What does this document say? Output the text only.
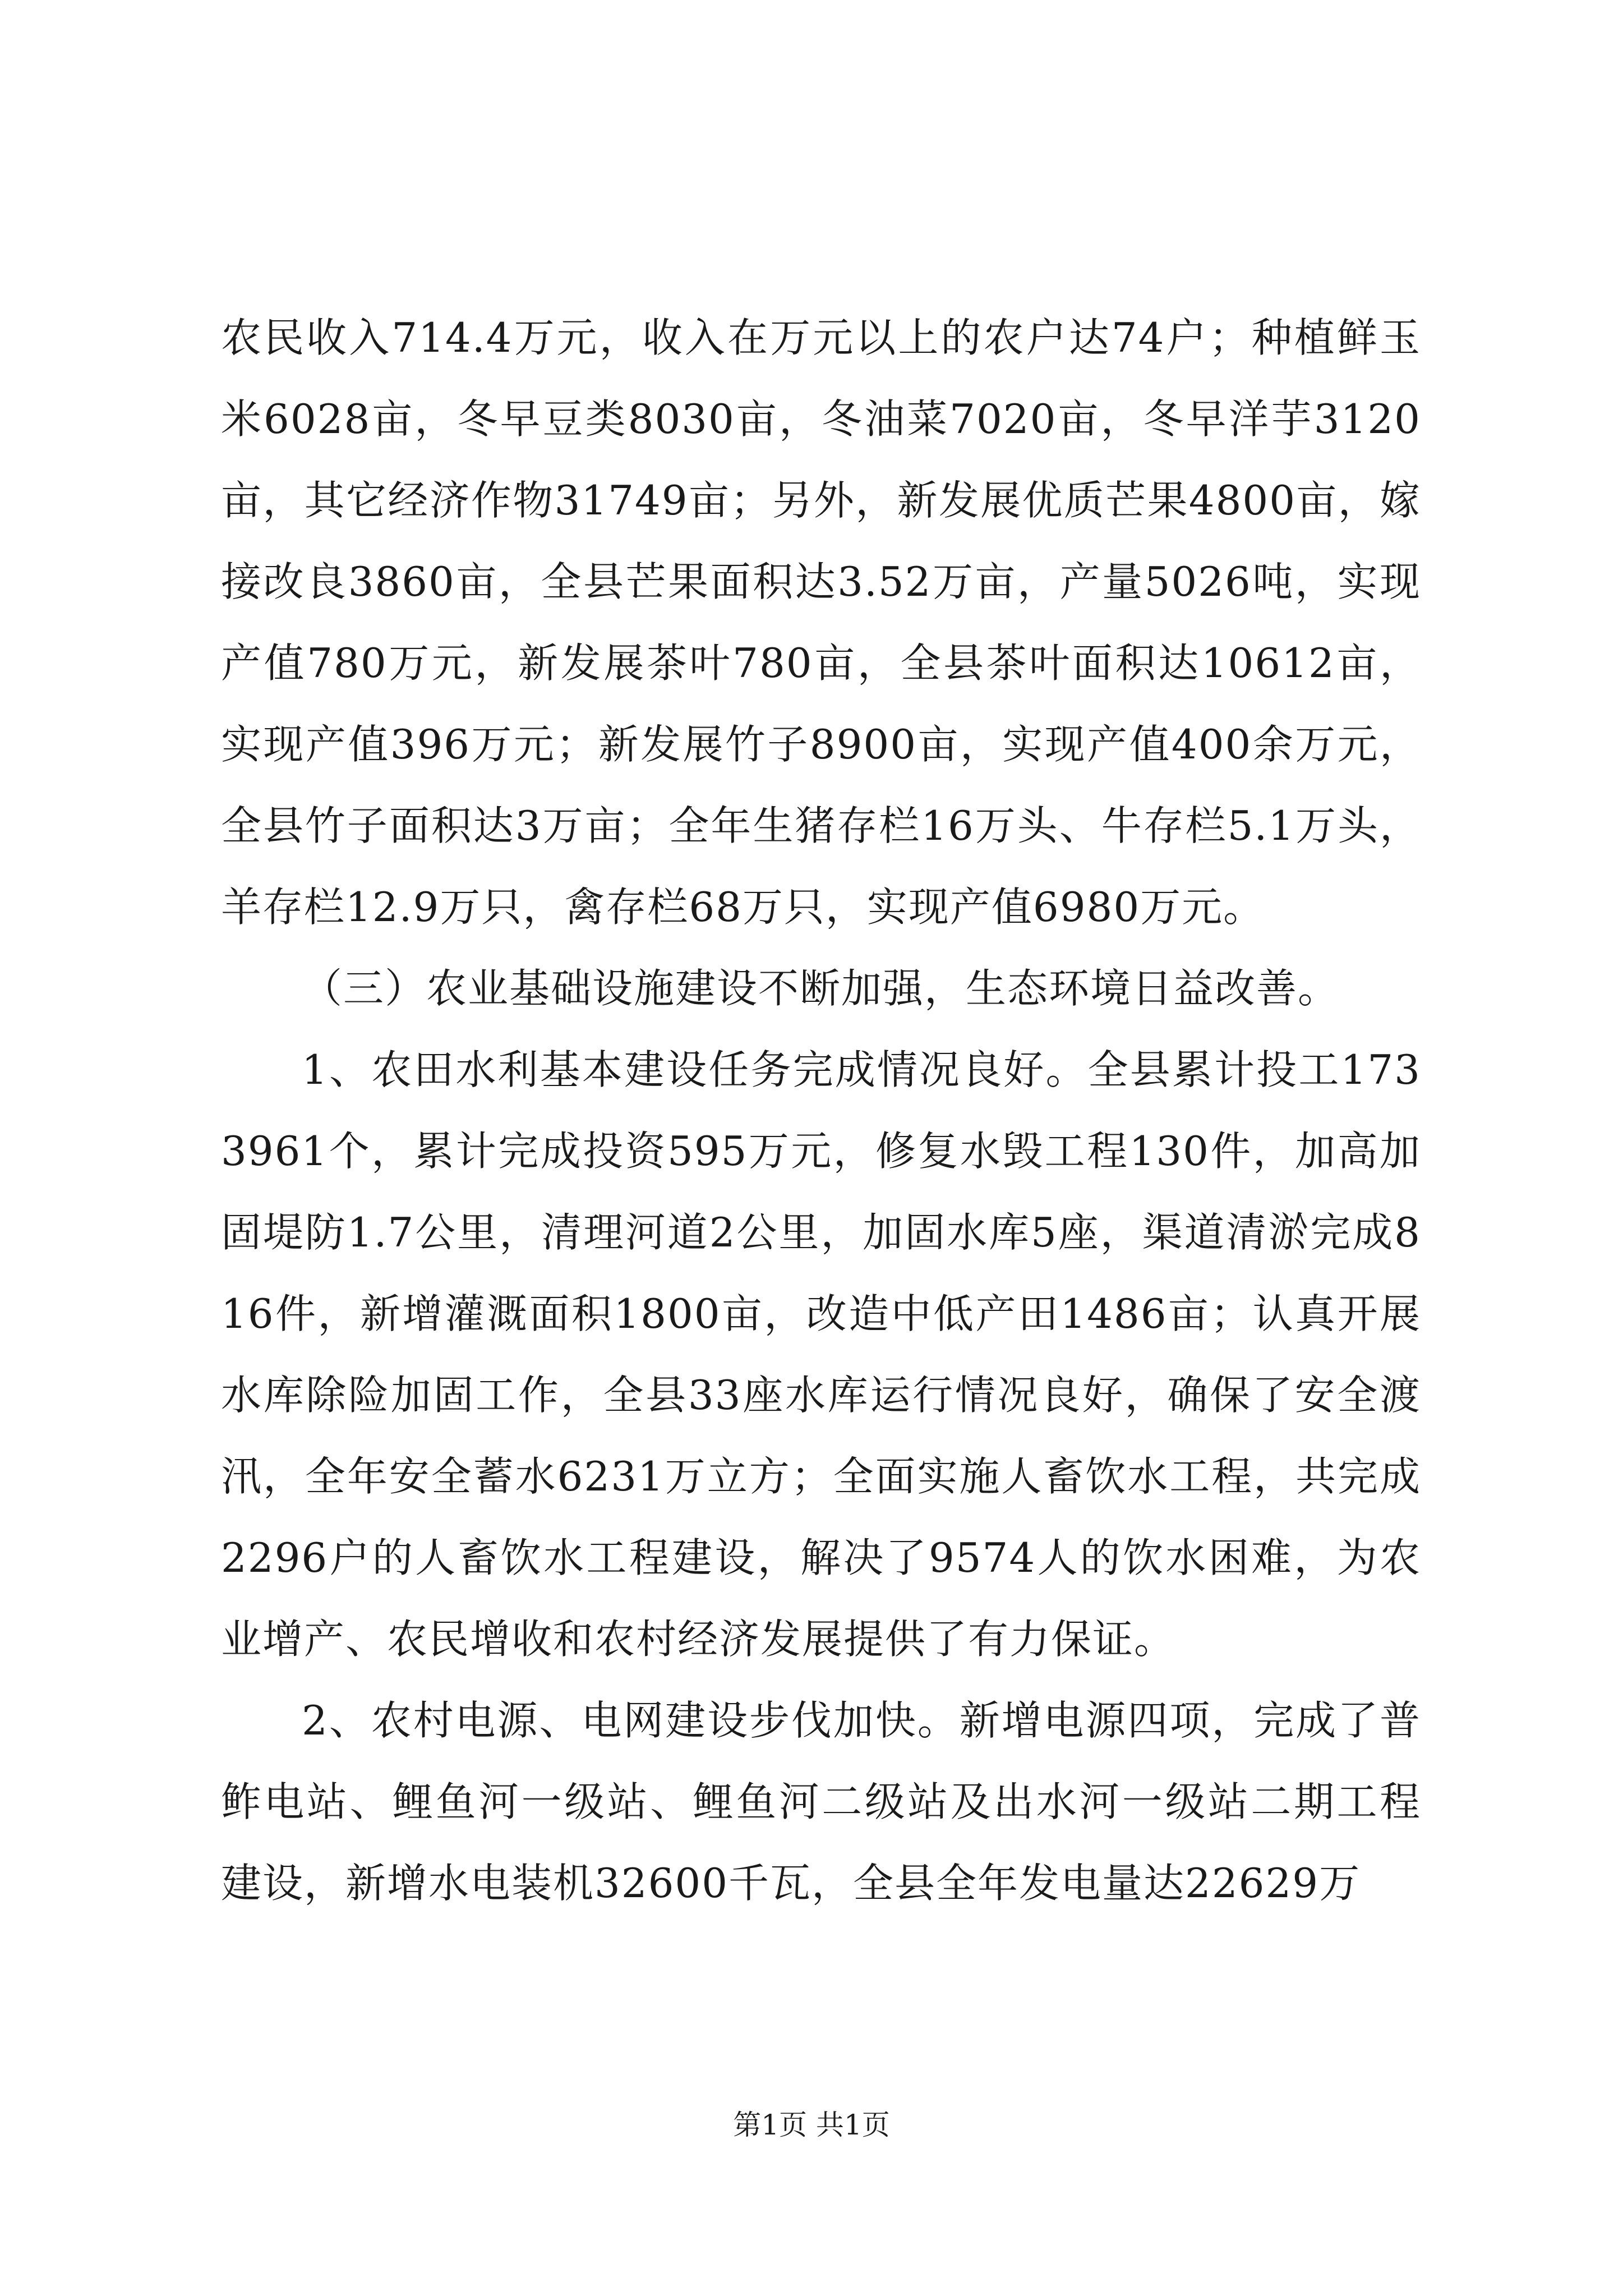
农民收入714.4万元，收入在万元以上的农户达74户；种植鲜玉米6028亩，冬早豆类8030亩，冬油菜7020亩，冬早洋芋3120亩，其它经济作物31749亩；另外，新发展优质芒果4800亩，嫁接改良3860亩，全县芒果面积达3.52万亩，产量5026吨，实现产值780万元，新发展茶叶780亩，全县茶叶面积达10612亩，实现产值396万元；新发展竹子8900亩，实现产值400余万元，全县竹子面积达3万亩；全年生猪存栏16万头、牛存栏5.1万头，羊存栏12.9万只，禽存栏68万只，实现产值6980万元。

（三）农业基础设施建设不断加强，生态环境日益改善。

1、农田水利基本建设任务完成情况良好。全县累计投工1733961个，累计完成投资595万元，修复水毁工程130件，加高加固堤防1.7公里，清理河道2公里，加固水库5座，渠道清淤完成816件，新增灌溉面积1800亩，改造中低产田1486亩；认真开展水库除险加固工作，全县33座水库运行情况良好，确保了安全渡汛，全年安全蓄水6231万立方；全面实施人畜饮水工程，共完成2296户的人畜饮水工程建设，解决了9574人的饮水困难，为农业增产、农民增收和农村经济发展提供了有力保证。

2、农村电源、电网建设步伐加快。新增电源四项，完成了普鲊电站、鲤鱼河一级站、鲤鱼河二级站及出水河一级站二期工程建设，新增水电装机32600千瓦，全县全年发电量达22629万

第1页 共1页
